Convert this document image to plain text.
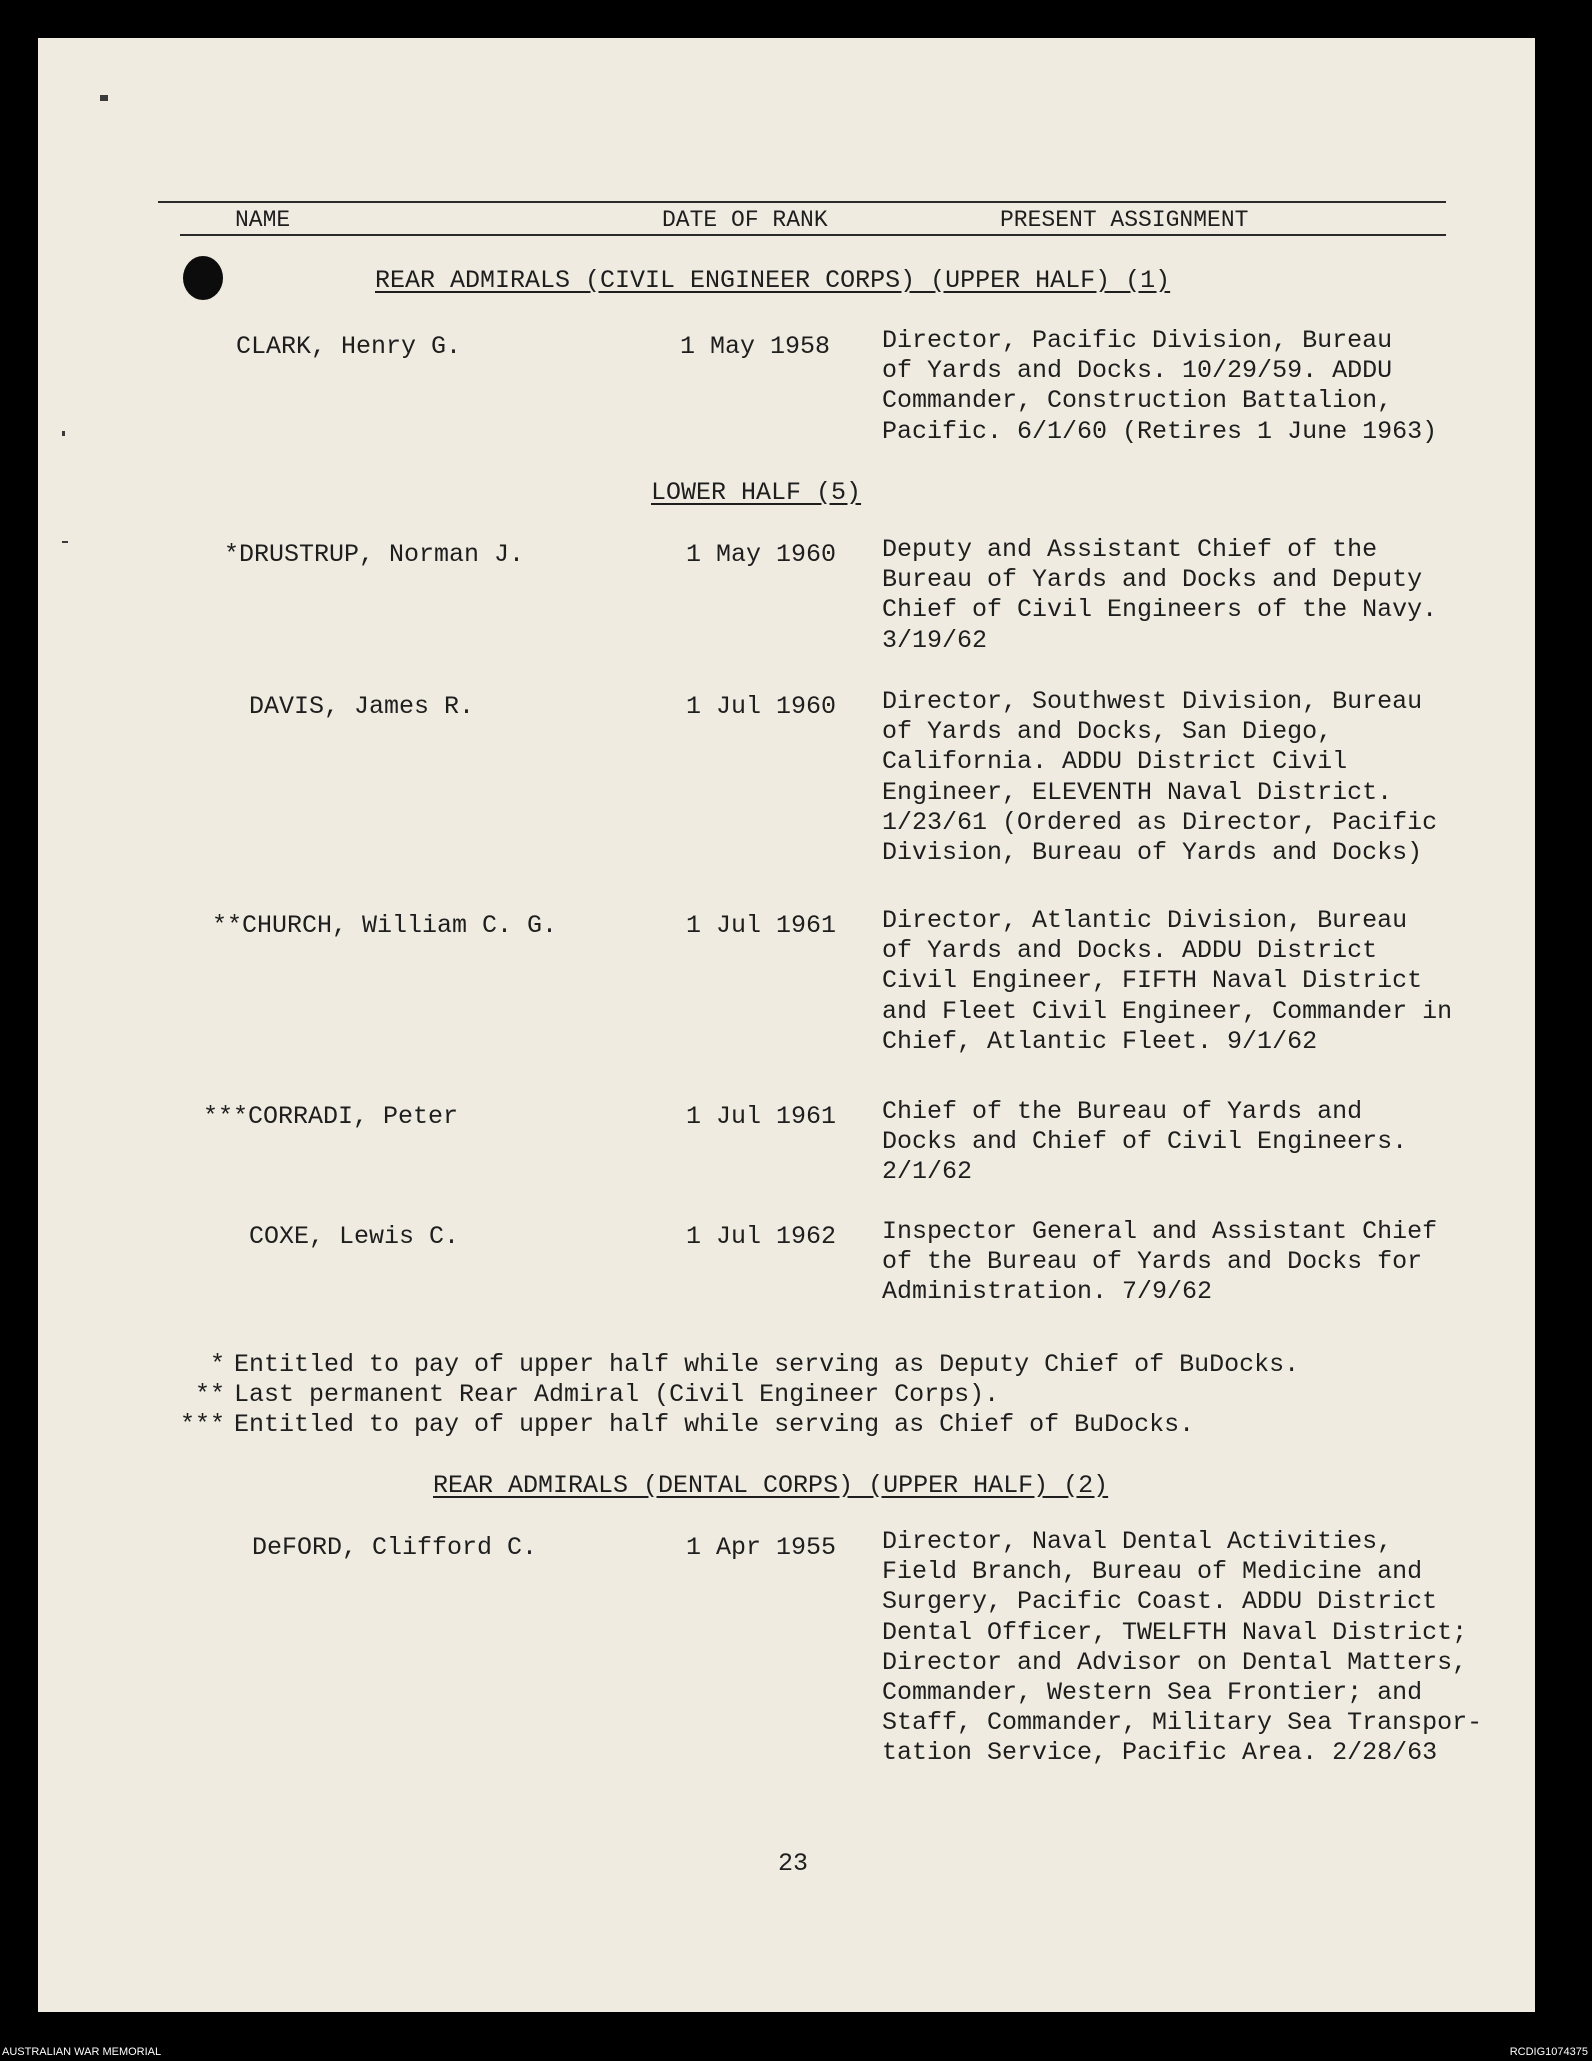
NAME	DATE OF RANK	PRESENT ASSIGNMENT
REAR ADMIRALS (CIVIL ENGINEER CORPS) (UPPER HALF) (1)
CLARK, Henry G.	1 May 1958 Director, Pacific Division, Bureau
of Yards and Docks. 10/29/59. ADDU
Commander, Construction Battalion,
Pacific. 6/1/60 (Retires 1 June 1963)
LOWER HALF (5)
*DRUSTRUP, Norman J.	1 May 1960 Deputy and Assistant Chief of the
Bureau of Yards and Docks and Deputy
Chief of Civil Engineers of the Navy.
3/19/62
DAVIS, James R.	1 Jul 1960 Director, Southwest Division, Bureau
of Yards and Docks, San Diego,
California. ADDU District Civil
Engineer, ELEVENTH Naval District.
1/23/61 (Ordered as Director, Pacific
Division, Bureau of Yards and Docks)
**CHURCH, William C. G.	1 Jul 1961 Director, Atlantic Division, Bureau
of Yards and Docks. ADDU District
Civil Engineer, FIFTH Naval District
and Fleet Civil Engineer, Commander in
Chief, Atlantic Fleet. 9/1/62
***CORRADI, Peter	1 Jul 1961 Chief of the Bureau of Yards and
Docks and Chief of Civil Engineers.
2/1/62
COXE, Lewis C.	1 Jul 1962 Inspector General and Assistant Chief
of the Bureau of Yards and Docks for
Administration. 7/9/62
* Entitled to pay of upper half while serving as Deputy Chief of BuDocks.
** Last permanent Rear Admiral (Civil Engineer Corps).
*** Entitled to pay of upper half while serving as Chief of BuDocks.
REAR ADMIRALS (DENTAL CORPS) (UPPER HALF) (2)
DeFORD, Clifford C.	1 Apr 1955 Director, Naval Dental Activities,
Field Branch, Bureau of Medicine and
Surgery, Pacific Coast. ADDU District
Dental Officer, TWELFTH Naval District;
Director and Advisor on Dental Matters,
Commander, Western Sea Frontier; and
Staff, Commander, Military Sea Transpor-
tation Service, Pacific Area. 2/28/63
23
AUSTRALIAN WAR MEMORIAL	RCDIG1074375
